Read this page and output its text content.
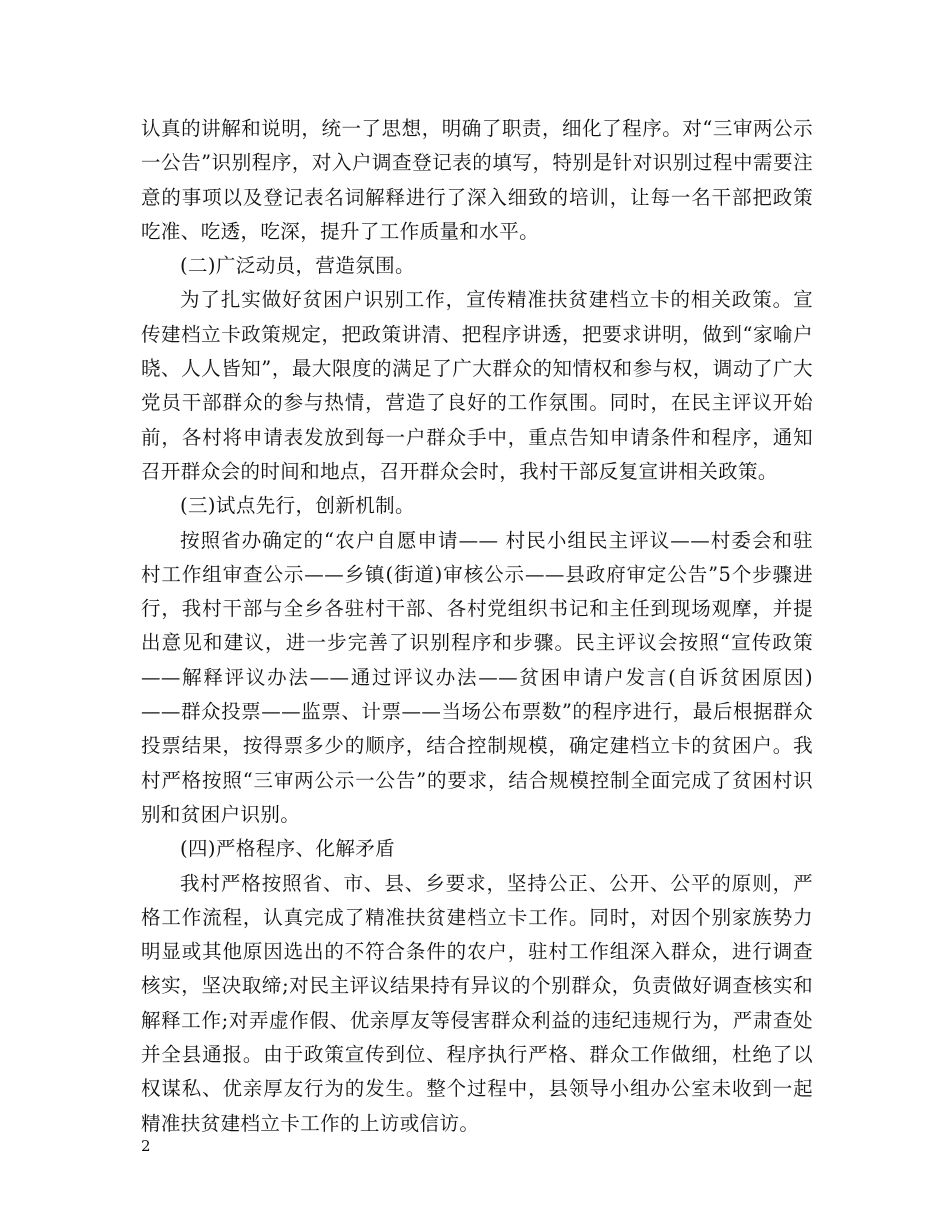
认真的讲解和说明，统一了思想，明确了职责，细化了程序。对“三审两公示一公告”识别程序，对入户调查登记表的填写，特别是针对识别过程中需要注意的事项以及登记表名词解释进行了深入细致的培训，让每一名干部把政策吃准、吃透，吃深，提升了工作质量和水平。

(二)广泛动员，营造氛围。

为了扎实做好贫困户识别工作，宣传精准扶贫建档立卡的相关政策。宣传建档立卡政策规定，把政策讲清、把程序讲透，把要求讲明，做到“家喻户晓、人人皆知”，最大限度的满足了广大群众的知情权和参与权，调动了广大党员干部群众的参与热情，营造了良好的工作氛围。同时，在民主评议开始前，各村将申请表发放到每一户群众手中，重点告知申请条件和程序，通知召开群众会的时间和地点，召开群众会时，我村干部反复宣讲相关政策。

(三)试点先行，创新机制。

按照省办确定的“农户自愿申请—— 村民小组民主评议——村委会和驻村工作组审查公示——乡镇(街道)审核公示——县政府审定公告”5个步骤进行，我村干部与全乡各驻村干部、各村党组织书记和主任到现场观摩，并提出意见和建议，进一步完善了识别程序和步骤。民主评议会按照“宣传政策——解释评议办法——通过评议办法——贫困申请户发言(自诉贫困原因)——群众投票——监票、计票——当场公布票数”的程序进行，最后根据群众投票结果，按得票多少的顺序，结合控制规模，确定建档立卡的贫困户。我村严格按照“三审两公示一公告”的要求，结合规模控制全面完成了贫困村识别和贫困户识别。

(四)严格程序、化解矛盾

我村严格按照省、市、县、乡要求，坚持公正、公开、公平的原则，严格工作流程，认真完成了精准扶贫建档立卡工作。同时，对因个别家族势力明显或其他原因选出的不符合条件的农户，驻村工作组深入群众，进行调查核实，坚决取缔;对民主评议结果持有异议的个别群众，负责做好调查核实和解释工作;对弄虚作假、优亲厚友等侵害群众利益的违纪违规行为，严肃查处并全县通报。由于政策宣传到位、程序执行严格、群众工作做细，杜绝了以权谋私、优亲厚友行为的发生。整个过程中，县领导小组办公室未收到一起精准扶贫建档立卡工作的上访或信访。

2
